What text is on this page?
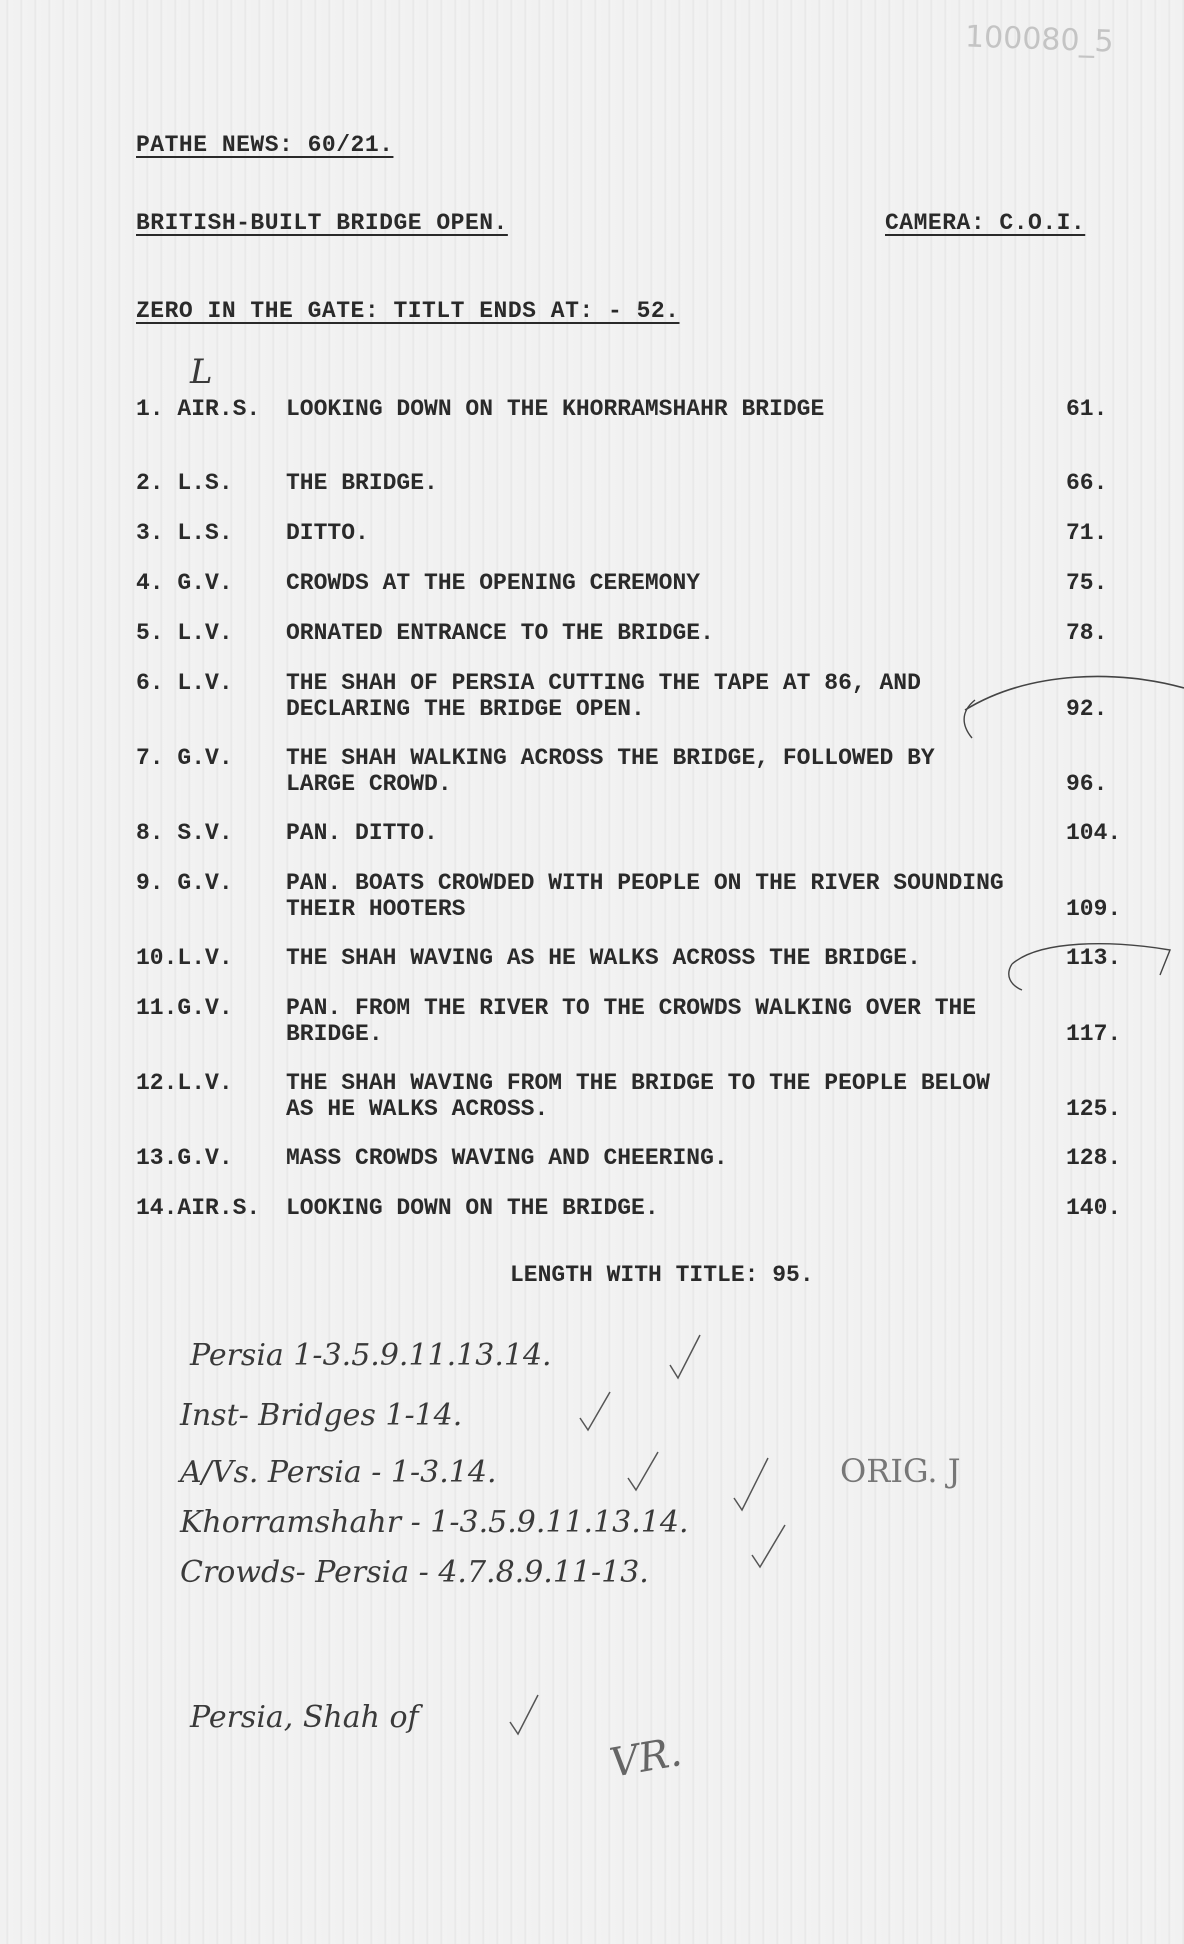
100080_5
PATHE NEWS: 60/21.
BRITISH-BUILT BRIDGE OPEN.	CAMERA: C.O.I.
ZERO IN THE GATE: TITLT ENDS AT: - 52.
L
1. AIR.S. LOOKING DOWN ON THE KHORRAMSHAHR BRIDGE	61.
2. L.S. THE BRIDGE.	66.
3. L.S. DITTO.	71.
4. G.V. CROWDS AT THE OPENING CEREMONY	75.
5. L.V. ORNATED ENTRANCE TO THE BRIDGE.	78.
6. L.V. THE SHAH OF PERSIA CUTTING THE TAPE AT 86, AND
DECLARING THE BRIDGE OPEN.	92.
7. G.V. THE SHAH WALKING ACROSS THE BRIDGE, FOLLOWED BY
LARGE CROWD.	96.
8. S.V. PAN. DITTO.	104.
9. G.V. PAN. BOATS CROWDED WITH PEOPLE ON THE RIVER SOUNDING
THEIR HOOTERS	109.
10.L.V. THE SHAH WAVING AS HE WALKS ACROSS THE BRIDGE.	113.
11.G.V. PAN. FROM THE RIVER TO THE CROWDS WALKING OVER THE
BRIDGE.	117.
12.L.V. THE SHAH WAVING FROM THE BRIDGE TO THE PEOPLE BELOW
AS HE WALKS ACROSS.	125.
13.G.V. MASS CROWDS WAVING AND CHEERING.	128.
14.AIR.S. LOOKING DOWN ON THE BRIDGE.	140.
LENGTH WITH TITLE: 95.
Persia 1-3.5.9.11.13.14.
Inst- Bridges 1-14.
A/Vs. Persia - 1-3.14.
Khorramshahr - 1-3.5.9.11.13.14.
Crowds- Persia - 4.7.8.9.11-13.
ORIG. J
Persia, Shah of
VR.
